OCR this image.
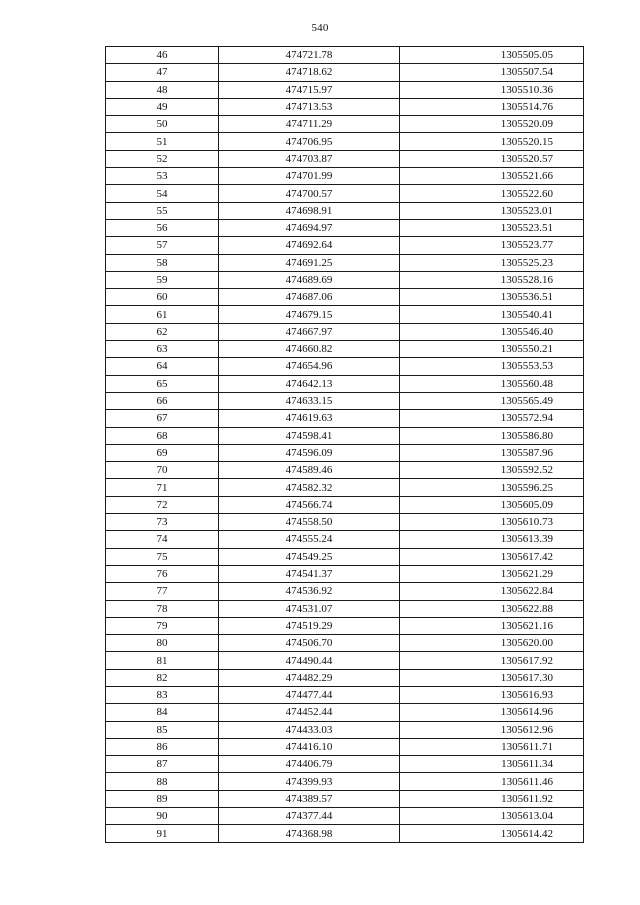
540
46	474721.78	1305505.05
47	474718.62	1305507.54
48	474715.97	1305510.36
49	474713.53	1305514.76
50	474711.29	1305520.09
51	474706.95	1305520.15
52	474703.87	1305520.57
53	474701.99	1305521.66
54	474700.57	1305522.60
55	474698.91	1305523.01
56	474694.97	1305523.51
57	474692.64	1305523.77
58	474691.25	1305525.23
59	474689.69	1305528.16
60	474687.06	1305536.51
61	474679.15	1305540.41
62	474667.97	1305546.40
63	474660.82	1305550.21
64	474654.96	1305553.53
65	474642.13	1305560.48
66	474633.15	1305565.49
67	474619.63	1305572.94
68	474598.41	1305586.80
69	474596.09	1305587.96
70	474589.46	1305592.52
71	474582.32	1305596.25
72	474566.74	1305605.09
73	474558.50	1305610.73
74	474555.24	1305613.39
75	474549.25	1305617.42
76	474541.37	1305621.29
77	474536.92	1305622.84
78	474531.07	1305622.88
79	474519.29	1305621.16
80	474506.70	1305620.00
81	474490.44	1305617.92
82	474482.29	1305617.30
83	474477.44	1305616.93
84	474452.44	1305614.96
85	474433.03	1305612.96
86	474416.10	1305611.71
87	474406.79	1305611.34
88	474399.93	1305611.46
89	474389.57	1305611.92
90	474377.44	1305613.04
91	474368.98	1305614.42
